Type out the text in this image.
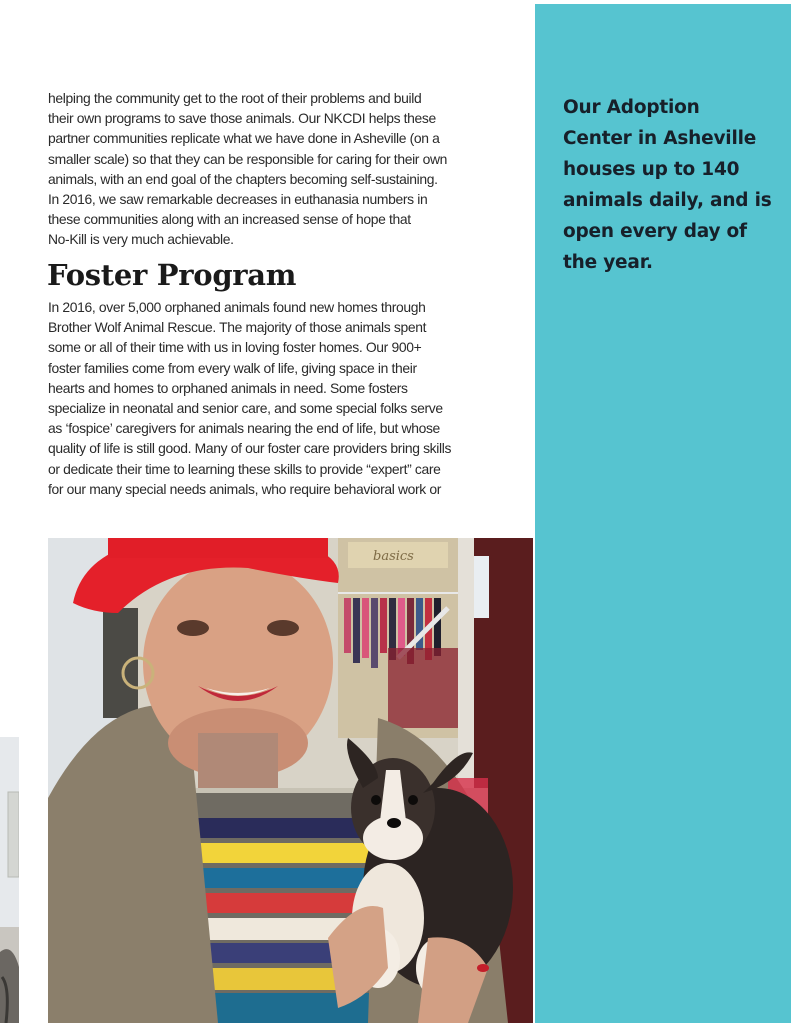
Our Adoption
Center in Asheville
houses up to 140
animals daily, and is
open every day of
the year.
helping the community get to the root of their problems and build
their own programs to save those animals. Our NKCDI helps these
partner communities replicate what we have done in Asheville (on a
smaller scale) so that they can be responsible for caring for their own
animals, with an end goal of the chapters becoming self-sustaining.
In 2016, we saw remarkable decreases in euthanasia numbers in
these communities along with an increased sense of hope that
No-Kill is very much achievable.
Foster Program
In 2016, over 5,000 orphaned animals found new homes through
Brother Wolf Animal Rescue. The majority of those animals spent
some or all of their time with us in loving foster homes. Our 900+
foster families come from every walk of life, giving space in their
hearts and homes to orphaned animals in need. Some fosters
specialize in neonatal and senior care, and some special folks serve
as ‘fospice’ caregivers for animals nearing the end of life, but whose
quality of life is still good. Many of our foster care providers bring skills
or dedicate their time to learning these skills to provide “expert” care
for our many special needs animals, who require behavioral work or
basics
